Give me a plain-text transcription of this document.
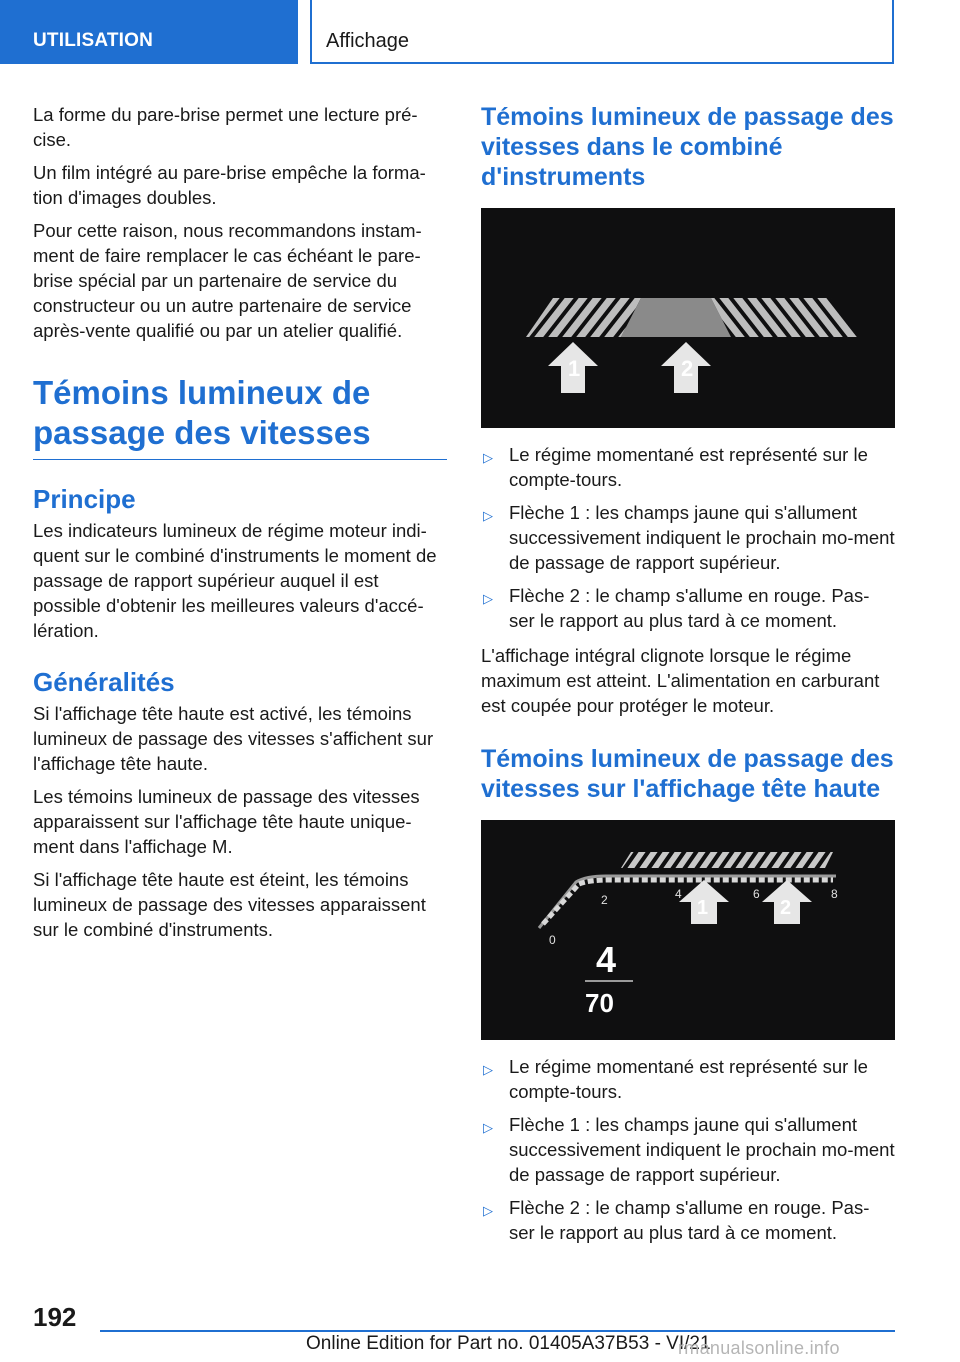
UTILISATION	Affichage

La forme du pare-brise permet une lecture pré-cise.

Un film intégré au pare-brise empêche la forma-tion d'images doubles.

Pour cette raison, nous recommandons instam-ment de faire remplacer le cas échéant le pare-brise spécial par un partenaire de service du constructeur ou un autre partenaire de service après-vente qualifié ou par un atelier qualifié.

Témoins lumineux de passage des vitesses
Principe

Les indicateurs lumineux de régime moteur indi-quent sur le combiné d'instruments le moment de passage de rapport supérieur auquel il est possible d'obtenir les meilleures valeurs d'accé-lération.

Généralités

Si l'affichage tête haute est activé, les témoins lumineux de passage des vitesses s'affichent sur l'affichage tête haute.

Les témoins lumineux de passage des vitesses apparaissent sur l'affichage tête haute unique-ment dans l'affichage M.

Si l'affichage tête haute est éteint, les témoins lumineux de passage des vitesses apparaissent sur le combiné d'instruments.

Témoins lumineux de passage des vitesses dans le combiné d'instruments
1	2
▷ Le régime momentané est représenté sur le compte-tours.
▷ Flèche 1 : les champs jaune qui s'allument successivement indiquent le prochain mo-ment de passage de rapport supérieur.
▷ Flèche 2 : le champ s'allume en rouge. Pas-ser le rapport au plus tard à ce moment.

L'affichage intégral clignote lorsque le régime maximum est atteint. L'alimentation en carburant est coupée pour protéger le moteur.

Témoins lumineux de passage des vitesses sur l'affichage tête haute
0
2	4	6	8
1	2
4
70
▷ Le régime momentané est représenté sur le compte-tours.
▷ Flèche 1 : les champs jaune qui s'allument successivement indiquent le prochain mo-ment de passage de rapport supérieur.
▷ Flèche 2 : le champ s'allume en rouge. Pas-ser le rapport au plus tard à ce moment.
192
Online Edition for Part no. 01405A37B53 - VI/21
rmanualsonline.info
